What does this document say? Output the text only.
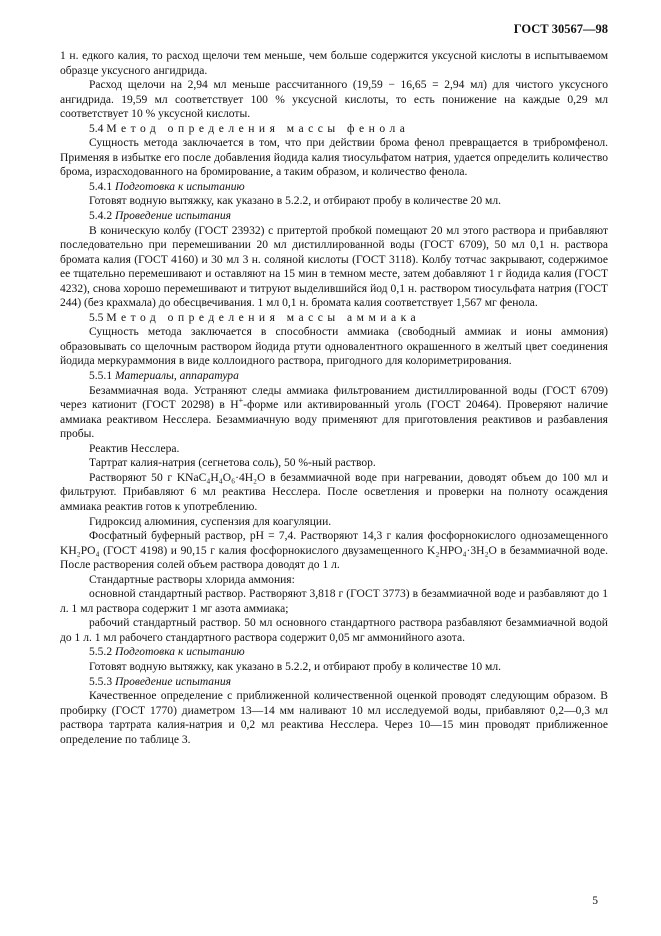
ГОСТ 30567—98

1 н. едкого калия, то расход щелочи тем меньше, чем больше содержится уксусной кислоты в испытываемом образце уксусного ангидрида.

Расход щелочи на 2,94 мл меньше рассчитанного (19,59 − 16,65 = 2,94 мл) для чистого уксусного ангидрида. 19,59 мл соответствует 100 % уксусной кислоты, то есть понижение на каждые 0,29 мл соответствует 10 % уксусной кислоты.

5.4 Метод определения массы фенола

Сущность метода заключается в том, что при действии брома фенол превращается в трибромфенол. Применяя в избытке его после добавления йодида калия тиосульфатом натрия, удается определить количество брома, израсходованного на бромирование, а таким образом, и количество фенола.

5.4.1 Подготовка к испытанию

Готовят водную вытяжку, как указано в 5.2.2, и отбирают пробу в количестве 20 мл.

5.4.2 Проведение испытания

В коническую колбу (ГОСТ 23932) с притертой пробкой помещают 20 мл этого раствора и прибавляют последовательно при перемешивании 20 мл дистиллированной воды (ГОСТ 6709), 50 мл 0,1 н. раствора бромата калия (ГОСТ 4160) и 30 мл 3 н. соляной кислоты (ГОСТ 3118). Колбу тотчас закрывают, содержимое ее тщательно перемешивают и оставляют на 15 мин в темном месте, затем добавляют 1 г йодида калия (ГОСТ 4232), снова хорошо перемешивают и титруют выделившийся йод 0,1 н. раствором тиосульфата натрия (ГОСТ 244) (без крахмала) до обесцвечивания. 1 мл 0,1 н. бромата калия соответствует 1,567 мг фенола.

5.5 Метод определения массы аммиака

Сущность метода заключается в способности аммиака (свободный аммиак и ионы аммония) образовывать со щелочным раствором йодида ртути одновалентного окрашенного в желтый цвет соединения йодида меркураммония в виде коллоидного раствора, пригодного для колориметрирования.

5.5.1 Материалы, аппаратура

Безаммиачная вода. Устраняют следы аммиака фильтрованием дистиллированной воды (ГОСТ 6709) через катионит (ГОСТ 20298) в H+-форме или активированный уголь (ГОСТ 20464). Проверяют наличие аммиака реактивом Несслера. Безаммиачную воду применяют для приготовления реактивов и разбавления пробы.

Реактив Несслера.

Тартрат калия-натрия (сегнетова соль), 50 %-ный раствор.

Растворяют 50 г KNaC₄H₄O₆·4H₂O в безаммиачной воде при нагревании, доводят объем до 100 мл и фильтруют. Прибавляют 6 мл реактива Несслера. После осветления и проверки на полноту осаждения аммиака реактив готов к употреблению.

Гидроксид алюминия, суспензия для коагуляции.

Фосфатный буферный раствор, pH = 7,4. Растворяют 14,3 г калия фосфорнокислого однозамещенного KH₂PO₄ (ГОСТ 4198) и 90,15 г калия фосфорнокислого двузамещенного K₂HPO₄·3H₂O в безаммиачной воде. После растворения солей объем раствора доводят до 1 л.

Стандартные растворы хлорида аммония:

основной стандартный раствор. Растворяют 3,818 г (ГОСТ 3773) в безаммиачной воде и разбавляют до 1 л. 1 мл раствора содержит 1 мг азота аммиака;

рабочий стандартный раствор. 50 мл основного стандартного раствора разбавляют безаммиачной водой до 1 л. 1 мл рабочего стандартного раствора содержит 0,05 мг аммонийного азота.

5.5.2 Подготовка к испытанию

Готовят водную вытяжку, как указано в 5.2.2, и отбирают пробу в количестве 10 мл.

5.5.3 Проведение испытания

Качественное определение с приближенной количественной оценкой проводят следующим образом. В пробирку (ГОСТ 1770) диаметром 13—14 мм наливают 10 мл исследуемой воды, прибавляют 0,2—0,3 мл раствора тартрата калия-натрия и 0,2 мл реактива Несслера. Через 10—15 мин проводят приближенное определение по таблице 3.

5
